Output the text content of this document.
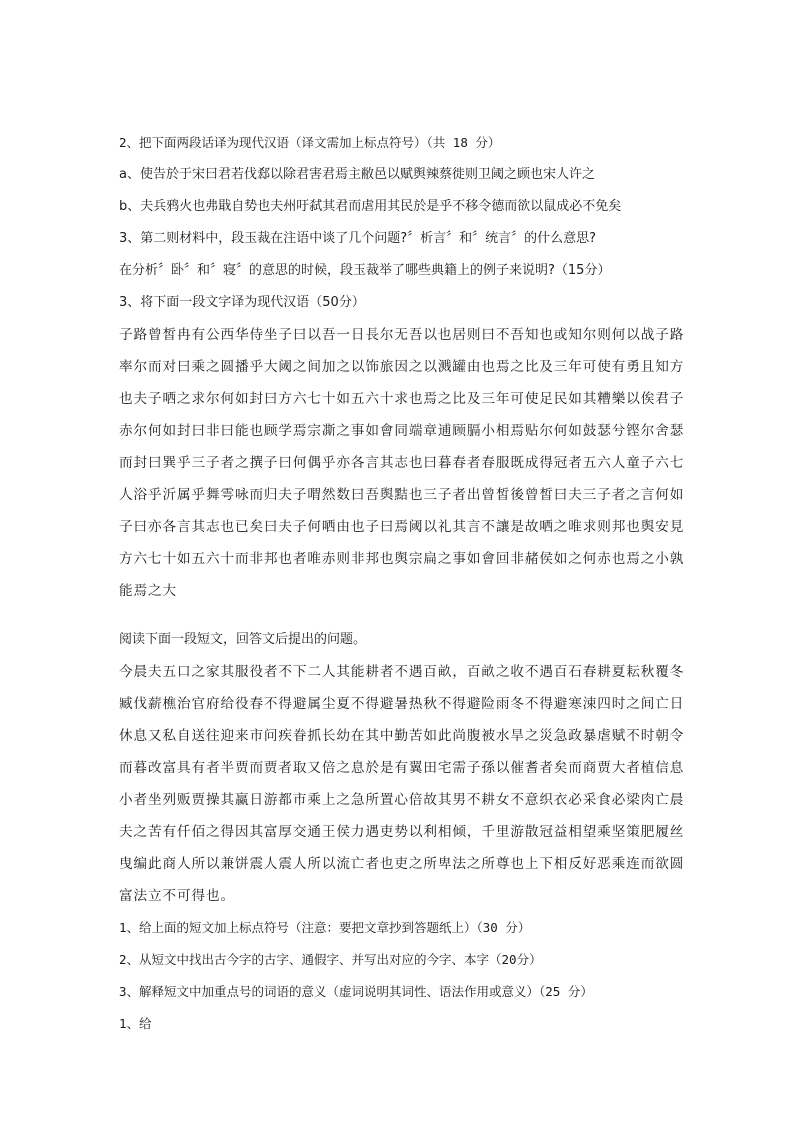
2、把下面两段话译为现代汉语（译文需加上标点符号）（共 18 分）
a、使告於于宋曰君若伐郄以除君害君焉主敝邑以赋舆辣蔡徙则卫阈之顾也宋人许之
b、夫兵鸦火也弗戢自势也夫州吁弑其君而虐用其民於是乎不移令德而欲以鼠成必不免矣
3、第二则材料中，段玉裁在注语中谈了几个问题?〞析言〞和〞统言〞的什么意思?
在分析〞卧〞和〞寝〞的意思的时候，段玉裁举了哪些典籍上的例子来说明?（15分）
3、将下面一段文字译为现代汉语（50分）
子路曾皙冉有公西华侍坐子曰以吾一日長尔无吾以也居则曰不吾知也或知尔则何以战子路
率尔而对曰乘之圆播乎大阈之间加之以饰旅因之以溅罐由也焉之比及三年可使有勇且知方
也夫子哂之求尔何如封曰方六七十如五六十求也焉之比及三年可使足民如其糟樂以俟君子
赤尔何如封曰非曰能也顾学焉宗凘之事如會同端章逋顾膈小相焉贴尔何如鼓瑟兮铿尔舍瑟
而封曰巽乎三子者之撰子曰何偶乎亦各言其志也曰暮春者春服既成得冠者五六人童子六七
人浴乎沂属乎舞雩咏而归夫子喟然数曰吾舆黠也三子者出曾皙後曾皙曰夫三子者之言何如
子曰亦各言其志也已矣曰夫子何哂由也子曰焉阈以礼其言不讓是故哂之唯求则邦也舆安見
方六七十如五六十而非邦也者唯赤则非邦也舆宗扁之事如會回非赭侯如之何赤也焉之小孰
能焉之大
阅读下面一段短文，回答文后提出的问题。
今晨夫五口之家其服役者不下二人其能耕者不遇百畝，百畝之收不遇百石春耕夏耘秋覆冬
臧伐薪樵治官府给役春不得避属尘夏不得避暑热秋不得避险雨冬不得避寒涑四时之间亡日
休息又私自送往迎来市问疾眷抓长幼在其中勤苦如此尚腹被水旱之災急政暴虐赋不时朝令
而暮改富具有者半贾而贾者取又倍之息於是有翼田宅需子孫以催耆者矣而商贾大者植信息
小者坐列贩贾操其赢日游都市乘上之急所置心倍故其男不耕女不意织衣必采食必梁肉亡晨
夫之苦有仟佰之得因其富厚交通王侯力遇吏势以利相倾，千里游散冠益相望乘坚策肥履丝
曳编此商人所以兼饼震人震人所以流亡者也吏之所卑法之所尊也上下相反好恶乘连而欲圆
富法立不可得也。
1、给上面的短文加上标点符号（注意：要把文章抄到答题纸上）（30 分）
2、从短文中找出古今字的古字、通假字、并写出对应的今字、本字（20分）
3、解释短文中加重点号的词语的意义（虚词说明其词性、语法作用或意义）（25 分）
1、给
